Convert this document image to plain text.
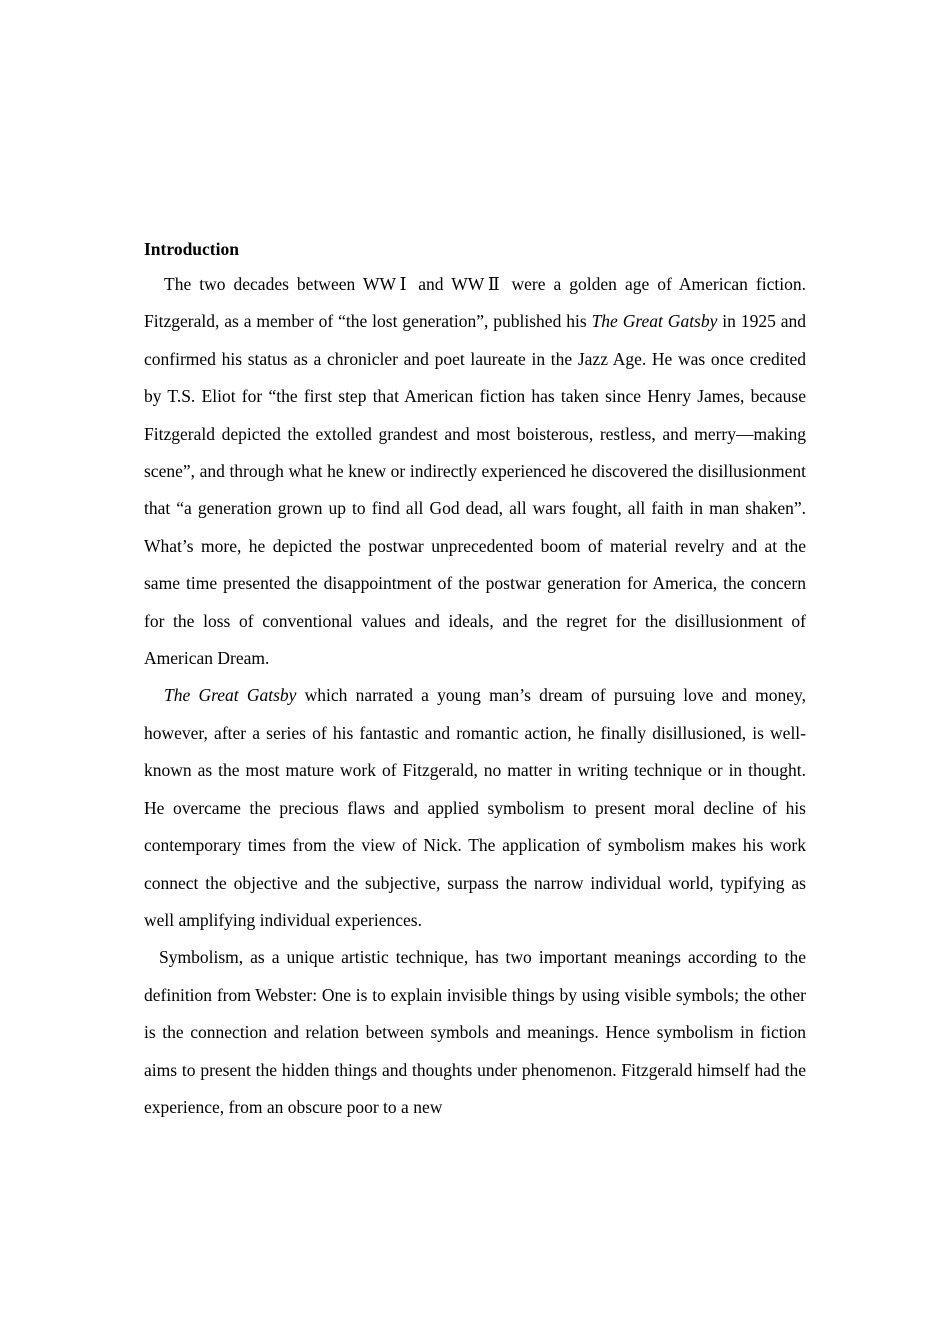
Introduction

The two decades between WWⅠ and WWⅡ were a golden age of American fiction. Fitzgerald, as a member of “the lost generation”, published his The Great Gatsby in 1925 and confirmed his status as a chronicler and poet laureate in the Jazz Age. He was once credited by T.S. Eliot for “the first step that American fiction has taken since Henry James, because Fitzgerald depicted the extolled grandest and most boisterous, restless, and merry—making scene”, and through what he knew or indirectly experienced he discovered the disillusionment that “a generation grown up to find all God dead, all wars fought, all faith in man shaken”. What’s more, he depicted the postwar unprecedented boom of material revelry and at the same time presented the disappointment of the postwar generation for America, the concern for the loss of conventional values and ideals, and the regret for the disillusionment of American Dream.

The Great Gatsby which narrated a young man’s dream of pursuing love and money, however, after a series of his fantastic and romantic action, he finally disillusioned, is well-known as the most mature work of Fitzgerald, no matter in writing technique or in thought. He overcame the precious flaws and applied symbolism to present moral decline of his contemporary times from the view of Nick. The application of symbolism makes his work connect the objective and the subjective, surpass the narrow individual world, typifying as well amplifying individual experiences.

Symbolism, as a unique artistic technique, has two important meanings according to the definition from Webster: One is to explain invisible things by using visible symbols; the other is the connection and relation between symbols and meanings. Hence symbolism in fiction aims to present the hidden things and thoughts under phenomenon. Fitzgerald himself had the experience, from an obscure poor to a new
